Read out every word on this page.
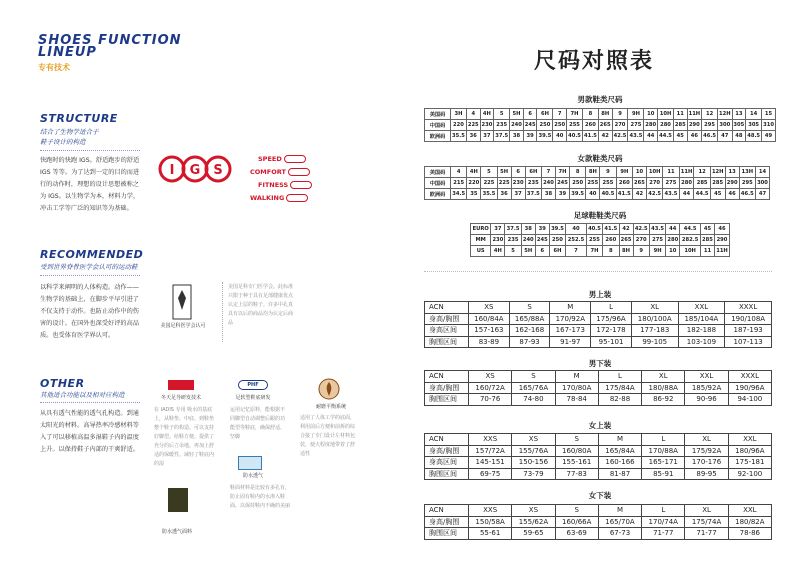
SHOES FUNCTION
LINEUP
专有技术
STRUCTURE
结合了生物学适合于
鞋子设计的构造
快跑时的快跑 IGS。舒适跑步的舒适 IGS 等等。为了达到一定的目的而进行的动作时，理想的设计思想被称之为 IGS。以生物学为本，材料力学，冲击工学等广泛的知识等为基础。
I G S
SPEED
COMFORT
FITNESS
WALKING
RECOMMENDED
受到世界脊骨医学会认可的运动鞋
以科学来阐明的人体构造。动作——生物学的基础上，在脚步平早引进了不仅支持于动作。也防止动作中的伤害的设计。在国外也深受好评的高品质。也受体育医学界认可。
美国足科医学会认可
美国足科专门医学会。此标准只限于种于具有足部健康优点认定上层的鞋子。许多中孔真具有以后的商品均为认定后商品
OTHER
其他适合功能以及相对应构造
从具有透气性能的透气孔构造。到通太阳光的材料。高导热率冷感材料等入了可以移植高温多湿鞋子内的温度上升。以保持鞋子内部的干爽舒适。
冬天足导研发技术
在 IADIS 专用 吸水的基底上，从鞋垫、中底、到鞋垫整个鞋子的构造。可以支持好脚型。给鞋方便。提供了充分的后立余地。再加上舒适的保暖性。减轻了鞋底内的湿
PHF
足软型鞋底研发
运用记忆原料，能根据不同脚型自动调整后跟的功能型等鞋底，确保舒适、坚脚
耐磨平衡系统
适用了人体工学的底面，利用前后方便和前拆的综合接了专门设计左材料包装，使大程度地带着了舒适性
防水透气
鞋面材料是比较有多孔有，防止固有鞋内的水渗入鞋面。以保持鞋内不确的美丽
防水透气面料
尺码对照表
男款鞋类尺码
美国码	3H	4	4H	5	5H	6	6H	7	7H	8	8H	9	9H	10	10H	11	11H	12	12H	13	14	15
中国码	220	225	230	235	240	245	250	250	255	260	265	270	275	280	280	285	290	295	300	305	305	310
欧洲码	35.5	36	37	37.5	38	39	39.5	40	40.5	41.5	42	42.5	43.5	44	44.5	45	46	46.5	47	48	48.5	49
女款鞋类尺码
美国码	4	4H	5	5H	6	6H	7	7H	8	8H	9	9H	10	10H	11	11H	12	12H	13	13H	14
中国码	215	220	225	225	230	235	240	245	250	255	255	260	265	270	275	280	285	285	290	295	300
欧洲码	34.5	35	35.5	36	37	37.5	38	39	39.5	40	40.5	41.5	42	42.5	43.5	44	44.5	45	46	46.5	47
足球鞋鞋类尺码
EURO	37	37.5	38	39	39.5	40	40.5	41.5	42	42.5	43.5	44	44.5	45	46
MM	230	235	240	245	250	252.5	255	260	265	270	275	280	282.5	285	290
US	4H	5	5H	6	6H	7	7H	8	8H	9	9H	10	10H	11	11H
男上装
ACN	XS	S	M	L	XL	XXL	XXXL
身高/胸围	160/84A	165/88A	170/92A	175/96A	180/100A	185/104A	190/108A
身高区间	157-163	162-168	167-173	172-178	177-183	182-188	187-193
胸围区间	83-89	87-93	91-97	95-101	99-105	103-109	107-113
男下装
ACN	XS	S	M	L	XL	XXL	XXXL
身高/胸围	160/72A	165/76A	170/80A	175/84A	180/88A	185/92A	190/96A
胸围区间	70-76	74-80	78-84	82-88	86-92	90-96	94-100
女上装
ACN	XXS	XS	S	M	L	XL	XXL
身高/胸围	157/72A	155/76A	160/80A	165/84A	170/88A	175/92A	180/96A
身高区间	145-151	150-156	155-161	160-166	165-171	170-176	175-181
胸围区间	69-75	73-79	77-83	81-87	85-91	89-95	92-100
女下装
ACN	XXS	XS	S	M	L	XL	XXL
身高/胸围	150/58A	155/62A	160/66A	165/70A	170/74A	175/74A	180/82A
胸围区间	55-61	59-65	63-69	67-73	71-77	71-77	78-86
